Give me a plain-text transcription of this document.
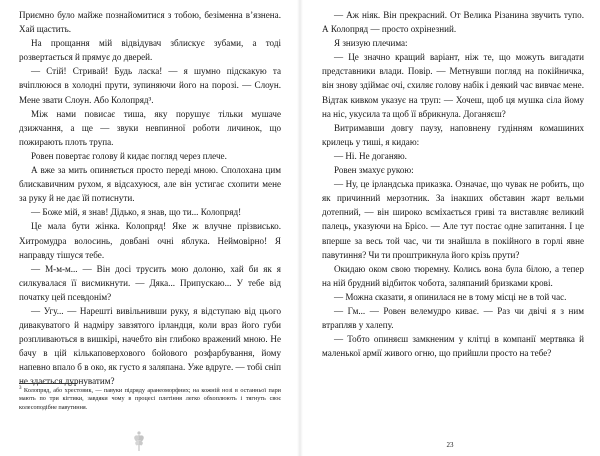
Приємно було майже познайомитися з тобою, безіменна вʼязнена. Хай щастить.

На прощання мій відвідувач зблискує зубами, а тоді розвертається й прямує до дверей.

— Стій! Стривай! Будь ласка! — я шумно підскакую та вчіплююся в холодні прути, зупиняючи його на порозі. — Слоун. Мене звати Слоун. Або Колопряд³.

Між нами повисає тиша, яку порушує тільки мушаче дзижчання, а ще — звуки невпинної роботи личинок, що пожирають плоть трупа.

Ровен повертає голову й кидає погляд через плече.

А вже за мить опиняється просто переді мною. Сполохана цим блискавичним рухом, я відсахуюся, але він устигає схопити мене за руку й не дає їй потиснути.

— Боже мій, я знав! Дідько, я знав, що ти... Колопряд!

Це мала бути жінка. Колопряд! Яке ж влучне прізвисько. Хитромудра волосинь, довбані очні яблука. Неймовірно! Я направду тішуся тебе.

— М-м-м... — Він досі трусить мою долоню, хай би як я силкувалася її висмикнути. — Дяка... Припускаю... У тебе від початку цей псевдонім?

— Угу... — Нарешті вивільнивши руку, я відступаю від цього дивакуватого й надміру завзятого ірландця, коли враз його губи розпливаються в вишкірі, начебто він глибоко вражений мною. Не бачу в цій кількаповерхового бойового розфарбування, йому напевно впало б в око, як густо я заляпана. Уже вдруге. — тобі сніп не здається дурнуватим?

$^3$ Колопряд, або хрестовик, — павуки підряду аранеоморфних; на кожній нозі в останньої пари мають по три кігтики, завдяки чому в процесі плетіння легко обхоплюють і тягнуть своє колесоподібне павутиння.

— Аж ніяк. Він прекрасний. От Велика Різанина звучить тупо. А Колопряд — просто охрінезний.

Я знизую плечима:

— Це значно кращий варіант, ніж те, що можуть вигадати представники влади. Повір. — Метнувши погляд на покійничка, він знову здіймає очі, схиляє голову набік і деякий час вивчає мене. Відтак кивком указує на труп: — Хочеш, щоб ця мушка сіла йому на ніс, укусила та щоб її вбрикнула. Доганяєш?

Витримавши довгу паузу, наповнену гудінням комашиних крилець у тиші, я кидаю:

— Ні. Не доганяю.

Ровен змахує рукою:

— Ну, це ірландська приказка. Означає, що чувак не робить, що як причинний мерзотник. За інакших обставин жарт вельми дотепний, — він широко всміхається гриві та виставляє великий палець, указуючи на Брісо. — Але тут постає одне запитання. І це вперше за весь той час, чи ти знайшла в покійного в горлі явне павутиння? Чи ти проштрикнула його крізь прути?

Окидаю оком свою тюремну. Колись вона була білою, а тепер на ній брудний відбиток чобота, заляпаний бризками крові.

— Можна сказати, я опинилася не в тому місці не в той час.

— Гм... — Ровен велемудро киває. — Раз чи двічі я з ним втрапляв у халепу.

— Тобто опиняєш замкненим у клітці в компанії мертвяка й маленької армії живого огню, що прийшли просто на тебе?

23
